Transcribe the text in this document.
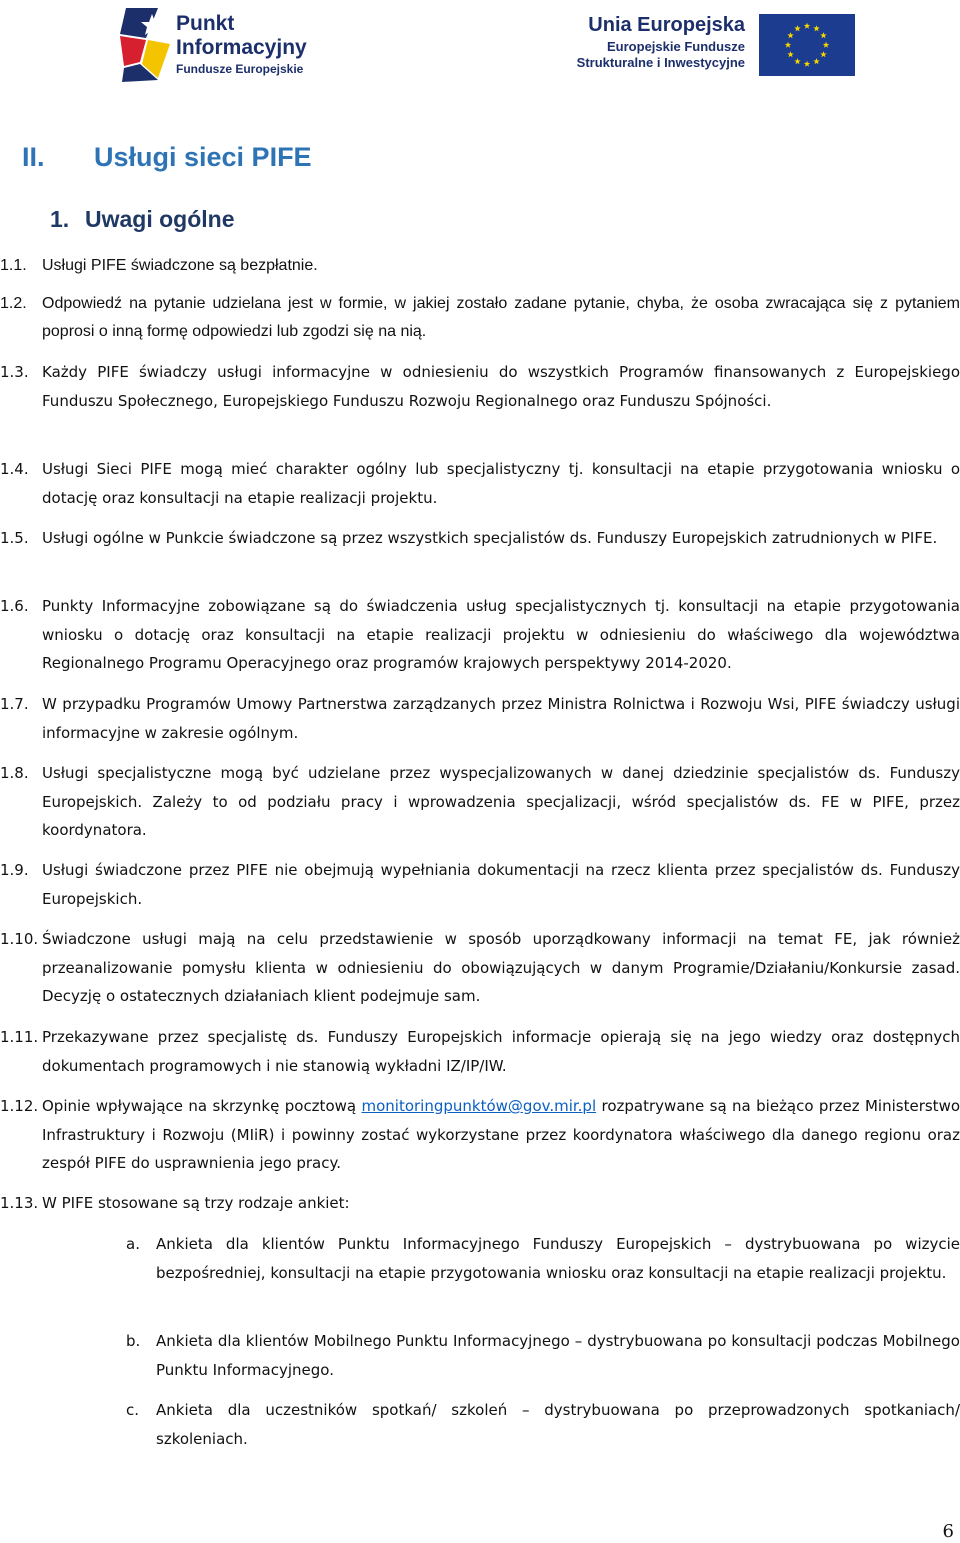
Punkt
Informacyjny
Fundusze Europejskie
Unia Europejska
Europejskie Fundusze
Strukturalne i Inwestycyjne
II. Usługi sieci PIFE
1. Uwagi ogólne
1.1. Usługi PIFE świadczone są bezpłatnie.
1.2. Odpowiedź na pytanie udzielana jest w formie, w jakiej zostało zadane pytanie, chyba, że osoba zwracająca się z pytaniem poprosi o inną formę odpowiedzi lub zgodzi się na nią.
1.3. Każdy PIFE świadczy usługi informacyjne w odniesieniu do wszystkich Programów finansowanych z Europejskiego Funduszu Społecznego, Europejskiego Funduszu Rozwoju Regionalnego oraz Funduszu Spójności.
1.4. Usługi Sieci PIFE mogą mieć charakter ogólny lub specjalistyczny tj. konsultacji na etapie przygotowania wniosku o dotację oraz konsultacji na etapie realizacji projektu.
1.5. Usługi ogólne w Punkcie świadczone są przez wszystkich specjalistów ds. Funduszy Europejskich zatrudnionych w PIFE.
1.6. Punkty Informacyjne zobowiązane są do świadczenia usług specjalistycznych tj. konsultacji na etapie przygotowania wniosku o dotację oraz konsultacji na etapie realizacji projektu w odniesieniu do właściwego dla województwa Regionalnego Programu Operacyjnego oraz programów krajowych perspektywy 2014-2020.
1.7. W przypadku Programów Umowy Partnerstwa zarządzanych przez Ministra Rolnictwa i Rozwoju Wsi, PIFE świadczy usługi informacyjne w zakresie ogólnym.
1.8. Usługi specjalistyczne mogą być udzielane przez wyspecjalizowanych w danej dziedzinie specjalistów ds. Funduszy Europejskich. Zależy to od podziału pracy i wprowadzenia specjalizacji, wśród specjalistów ds. FE w PIFE, przez koordynatora.
1.9. Usługi świadczone przez PIFE nie obejmują wypełniania dokumentacji na rzecz klienta przez specjalistów ds. Funduszy Europejskich.
1.10. Świadczone usługi mają na celu przedstawienie w sposób uporządkowany informacji na temat FE, jak również przeanalizowanie pomysłu klienta w odniesieniu do obowiązujących w danym Programie/Działaniu/Konkursie zasad. Decyzję o ostatecznych działaniach klient podejmuje sam.
1.11. Przekazywane przez specjalistę ds. Funduszy Europejskich informacje opierają się na jego wiedzy oraz dostępnych dokumentach programowych i nie stanowią wykładni IZ/IP/IW.
1.12. Opinie wpływające na skrzynkę pocztową monitoringpunktów@gov.mir.pl rozpatrywane są na bieżąco przez Ministerstwo Infrastruktury i Rozwoju (MIiR) i powinny zostać wykorzystane przez koordynatora właściwego dla danego regionu oraz zespół PIFE do usprawnienia jego pracy.
1.13. W PIFE stosowane są trzy rodzaje ankiet:
a. Ankieta dla klientów Punktu Informacyjnego Funduszy Europejskich – dystrybuowana po wizycie bezpośredniej, konsultacji na etapie przygotowania wniosku oraz konsultacji na etapie realizacji projektu.
b. Ankieta dla klientów Mobilnego Punktu Informacyjnego – dystrybuowana po konsultacji podczas Mobilnego Punktu Informacyjnego.
c. Ankieta dla uczestników spotkań/ szkoleń – dystrybuowana po przeprowadzonych spotkaniach/ szkoleniach.
6
